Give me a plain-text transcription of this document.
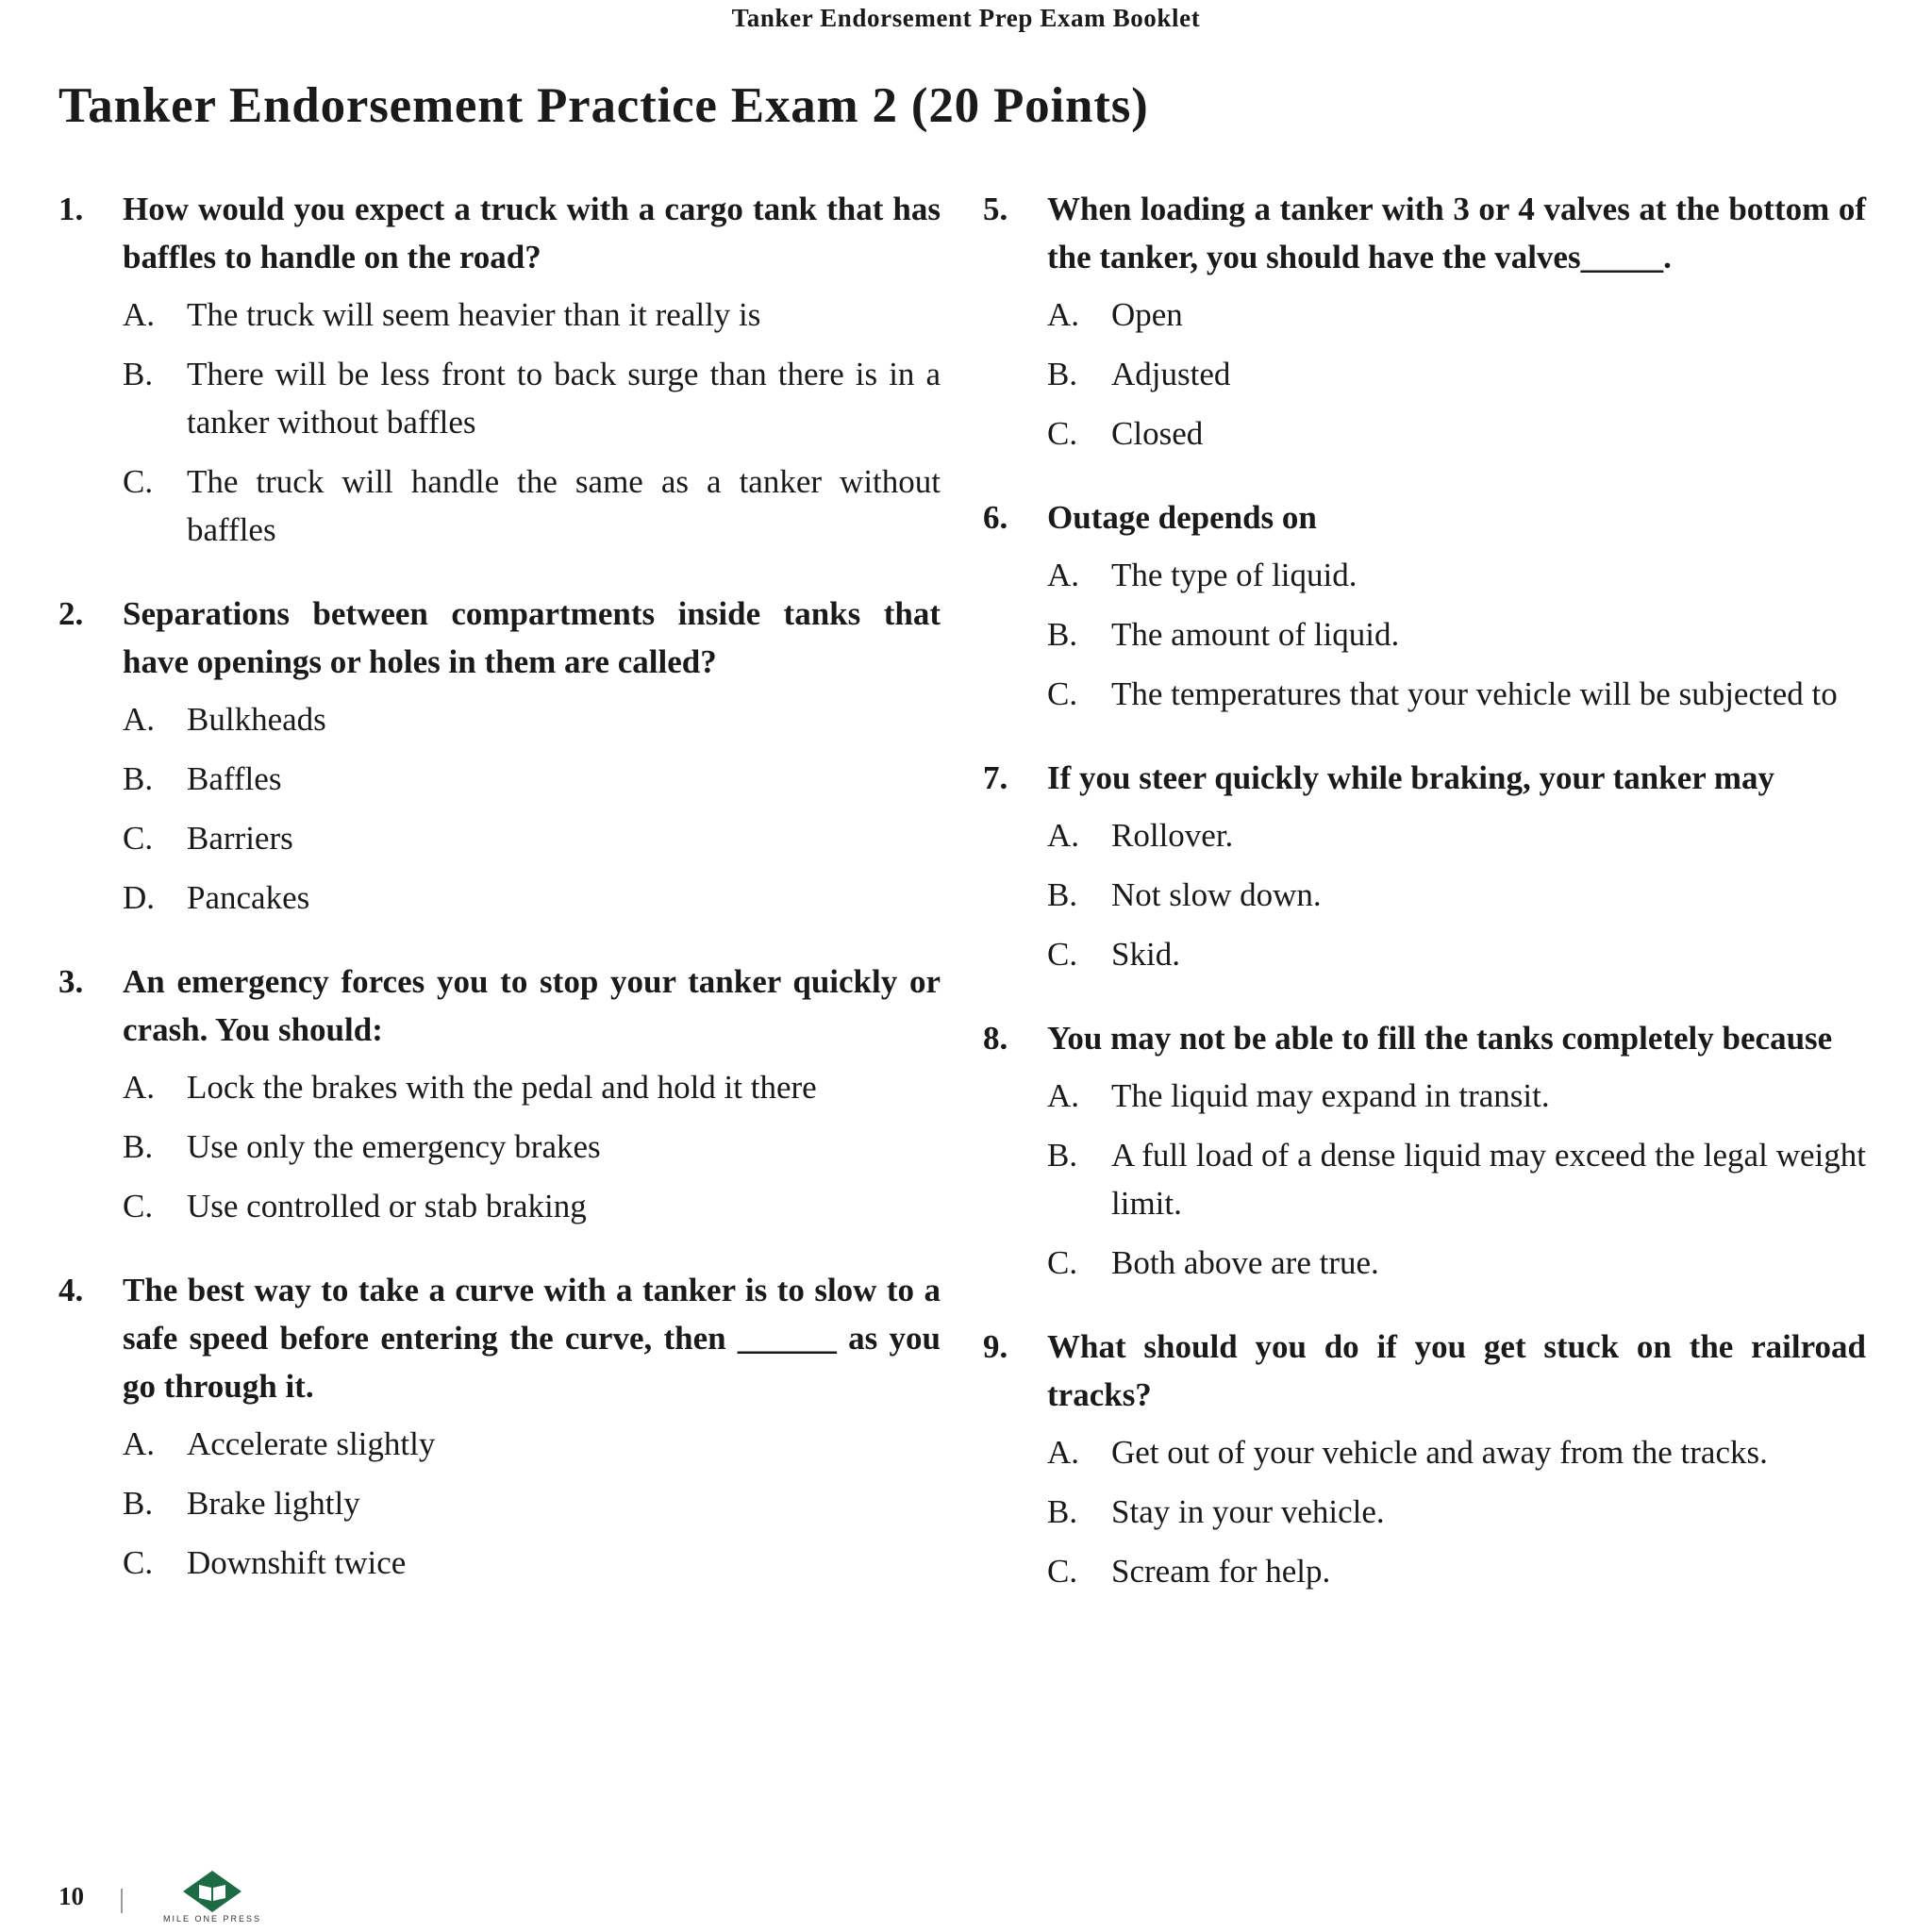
Tanker Endorsement Prep Exam Booklet
Tanker Endorsement Practice Exam 2 (20 Points)
1.	How would you expect a truck with a cargo tank that has baffles to handle on the road?
A. The truck will seem heavier than it really is
B.	There will be less front to back surge than there is in a tanker without baffles
C.	The truck will handle the same as a tanker without baffles
2.	Separations between compartments inside tanks that have openings or holes in them are called?
A. Bulkheads
B.	Baffles
C.	Barriers
D. Pancakes
3.	An emergency forces you to stop your tanker quickly or crash. You should:
A. Lock the brakes with the pedal and hold it there
B.	Use only the emergency brakes
C.	Use controlled or stab braking
4.	The best way to take a curve with a tanker is to slow to a safe speed before entering the curve, then ______ as you go through it.
A. Accelerate slightly
B.	Brake lightly
C.	Downshift twice
5.	When loading a tanker with 3 or 4 valves at the bottom of the tanker, you should have the valves_____.
A. Open
B.	Adjusted
C.	Closed
6.	Outage depends on
A. The type of liquid.
B.	The amount of liquid.
C.	The temperatures that your vehicle will be subjected to
7.	If you steer quickly while braking, your tanker may
A. Rollover.
B.	Not slow down.
C.	Skid.
8.	You may not be able to fill the tanks completely because
A. The liquid may expand in transit.
B.	A full load of a dense liquid may exceed the legal weight limit.
C.	Both above are true.
9.	What should you do if you get stuck on the railroad tracks?
A. Get out of your vehicle and away from the tracks.
B.	Stay in your vehicle.
C.	Scream for help.
10
MILE ONE PRESS
